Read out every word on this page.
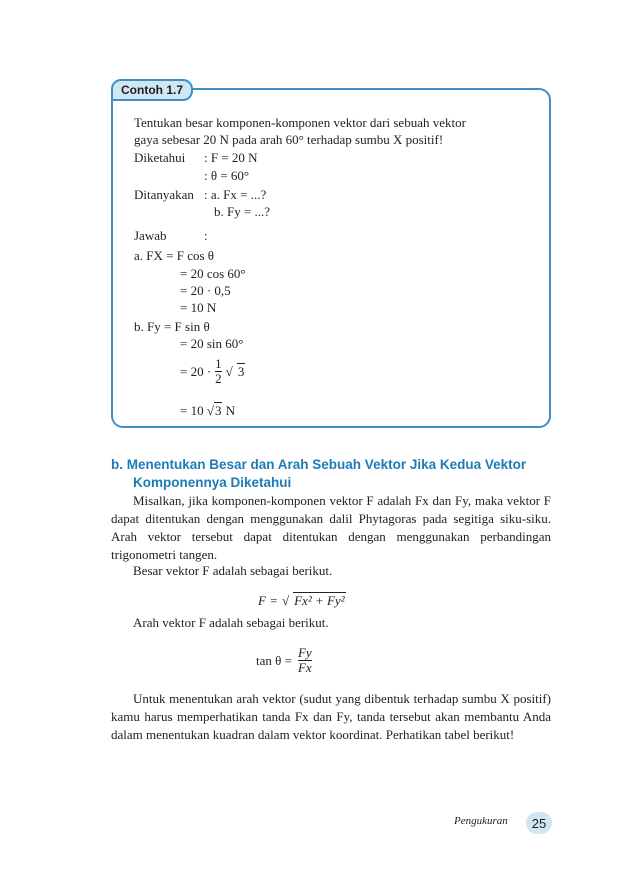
Contoh 1.7
Tentukan besar komponen-komponen vektor dari sebuah vektor
gaya sebesar 20 N pada arah 60° terhadap sumbu X positif!
Diketahui : F = 20 N
: θ = 60°
Ditanyakan : a. Fx = ...?
b. Fy = ...?
Jawab	:
a. FX = F cos θ
= 20 cos 60°
= 20 · 0,5
= 10 N
b. Fy = F sin θ
= 20 sin 60°
= $20 \cdot \frac{1}{2}$ √ 3
= 10 √3 N
b. Menentukan Besar dan Arah Sebuah Vektor Jika Kedua Vektor
Komponennya Diketahui
Misalkan, jika komponen-komponen vektor F adalah Fx dan Fy, maka vektor F dapat ditentukan dengan menggunakan dalil Phytagoras pada segitiga siku-siku. Arah vektor tersebut dapat ditentukan dengan menggunakan perbandingan trigonometri tangen.
Besar vektor F adalah sebagai berikut.
F = √ Fx² + Fy²
Arah vektor F adalah sebagai berikut.
$\tan \theta = \frac{Fy}{Fx}$
Untuk menentukan arah vektor (sudut yang dibentuk terhadap sumbu X positif) kamu harus memperhatikan tanda Fx dan Fy, tanda tersebut akan membantu Anda dalam menentukan kuadran dalam vektor koordinat. Perhatikan tabel berikut!
Pengukuran	25
